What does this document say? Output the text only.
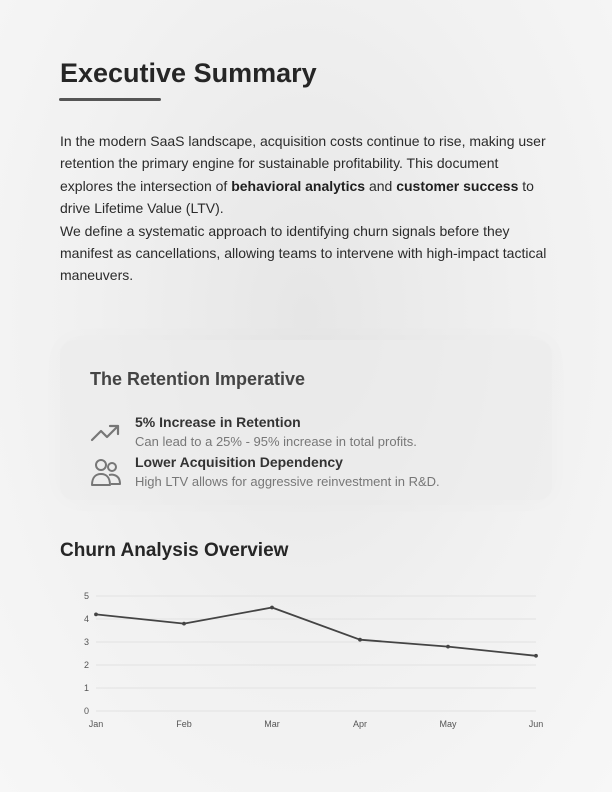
Executive Summary

In the modern SaaS landscape, acquisition costs continue to rise, making user retention the primary engine for sustainable profitability. This document explores the intersection of behavioral analytics and customer success to drive Lifetime Value (LTV).

We define a systematic approach to identifying churn signals before they manifest as cancellations, allowing teams to intervene with high-impact tactical maneuvers.

The Retention Imperative
5% Increase in Retention
Can lead to a 25% - 95% increase in total profits.
Lower Acquisition Dependency
High LTV allows for aggressive reinvestment in R&D.
Churn Analysis Overview
0
1
2
3
4
5
Jan	Feb	Mar	Apr	May	Jun
